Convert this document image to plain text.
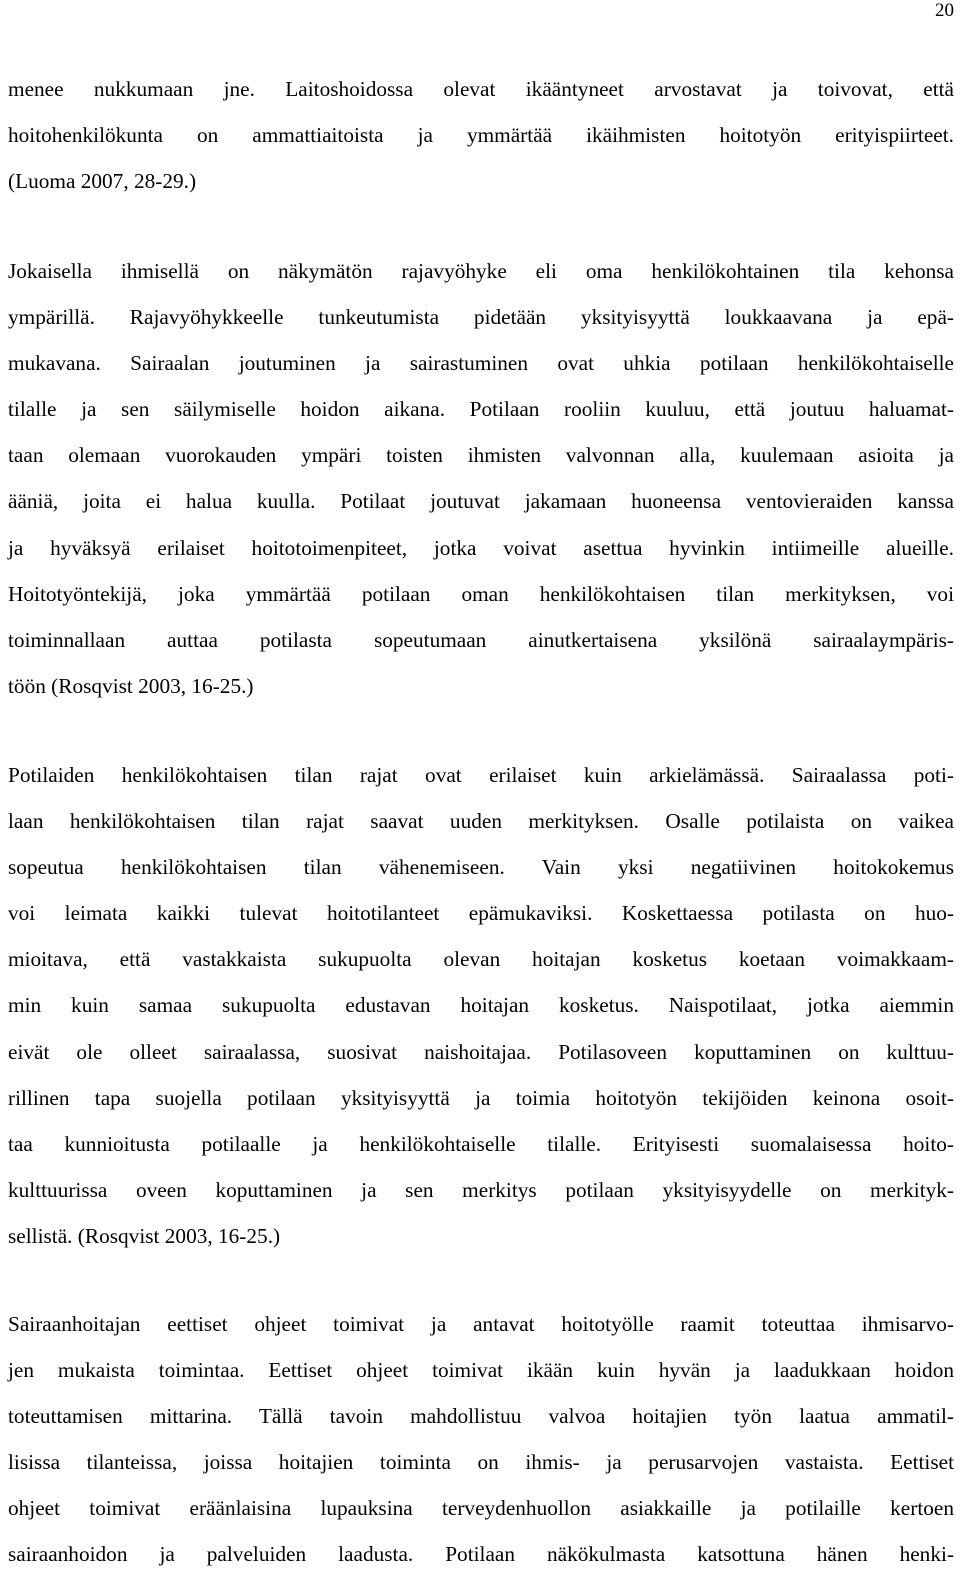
20
menee nukkumaan jne. Laitoshoidossa olevat ikääntyneet arvostavat ja toivovat, että
hoitohenkilökunta on ammattiaitoista ja ymmärtää ikäihmisten hoitotyön erityispiirteet.
(Luoma 2007, 28-29.)
Jokaisella ihmisellä on näkymätön rajavyöhyke eli oma henkilökohtainen tila kehonsa
ympärillä. Rajavyöhykkeelle tunkeutumista pidetään yksityisyyttä loukkaavana ja epä-
mukavana. Sairaalan joutuminen ja sairastuminen ovat uhkia potilaan henkilökohtaiselle
tilalle ja sen säilymiselle hoidon aikana. Potilaan rooliin kuuluu, että joutuu haluamat-
taan olemaan vuorokauden ympäri toisten ihmisten valvonnan alla, kuulemaan asioita ja
ääniä, joita ei halua kuulla. Potilaat joutuvat jakamaan huoneensa ventovieraiden kanssa
ja hyväksyä erilaiset hoitotoimenpiteet, jotka voivat asettua hyvinkin intiimeille alueille.
Hoitotyöntekijä, joka ymmärtää potilaan oman henkilökohtaisen tilan merkityksen, voi
toiminnallaan auttaa potilasta sopeutumaan ainutkertaisena yksilönä sairaalaympäris-
töön (Rosqvist 2003, 16-25.)
Potilaiden henkilökohtaisen tilan rajat ovat erilaiset kuin arkielämässä. Sairaalassa poti-
laan henkilökohtaisen tilan rajat saavat uuden merkityksen. Osalle potilaista on vaikea
sopeutua henkilökohtaisen tilan vähenemiseen. Vain yksi negatiivinen hoitokokemus
voi leimata kaikki tulevat hoitotilanteet epämukaviksi. Koskettaessa potilasta on huo-
mioitava, että vastakkaista sukupuolta olevan hoitajan kosketus koetaan voimakkaam-
min kuin samaa sukupuolta edustavan hoitajan kosketus. Naispotilaat, jotka aiemmin
eivät ole olleet sairaalassa, suosivat naishoitajaa. Potilasoveen koputtaminen on kulttuu-
rillinen tapa suojella potilaan yksityisyyttä ja toimia hoitotyön tekijöiden keinona osoit-
taa kunnioitusta potilaalle ja henkilökohtaiselle tilalle. Erityisesti suomalaisessa hoito-
kulttuurissa oveen koputtaminen ja sen merkitys potilaan yksityisyydelle on merkityk-
sellistä. (Rosqvist 2003, 16-25.)
Sairaanhoitajan eettiset ohjeet toimivat ja antavat hoitotyölle raamit toteuttaa ihmisarvo-
jen mukaista toimintaa. Eettiset ohjeet toimivat ikään kuin hyvän ja laadukkaan hoidon
toteuttamisen mittarina. Tällä tavoin mahdollistuu valvoa hoitajien työn laatua ammatil-
lisissa tilanteissa, joissa hoitajien toiminta on ihmis- ja perusarvojen vastaista. Eettiset
ohjeet toimivat eräänlaisina lupauksina terveydenhuollon asiakkaille ja potilaille kertoen
sairaanhoidon ja palveluiden laadusta. Potilaan näkökulmasta katsottuna hänen henki-
